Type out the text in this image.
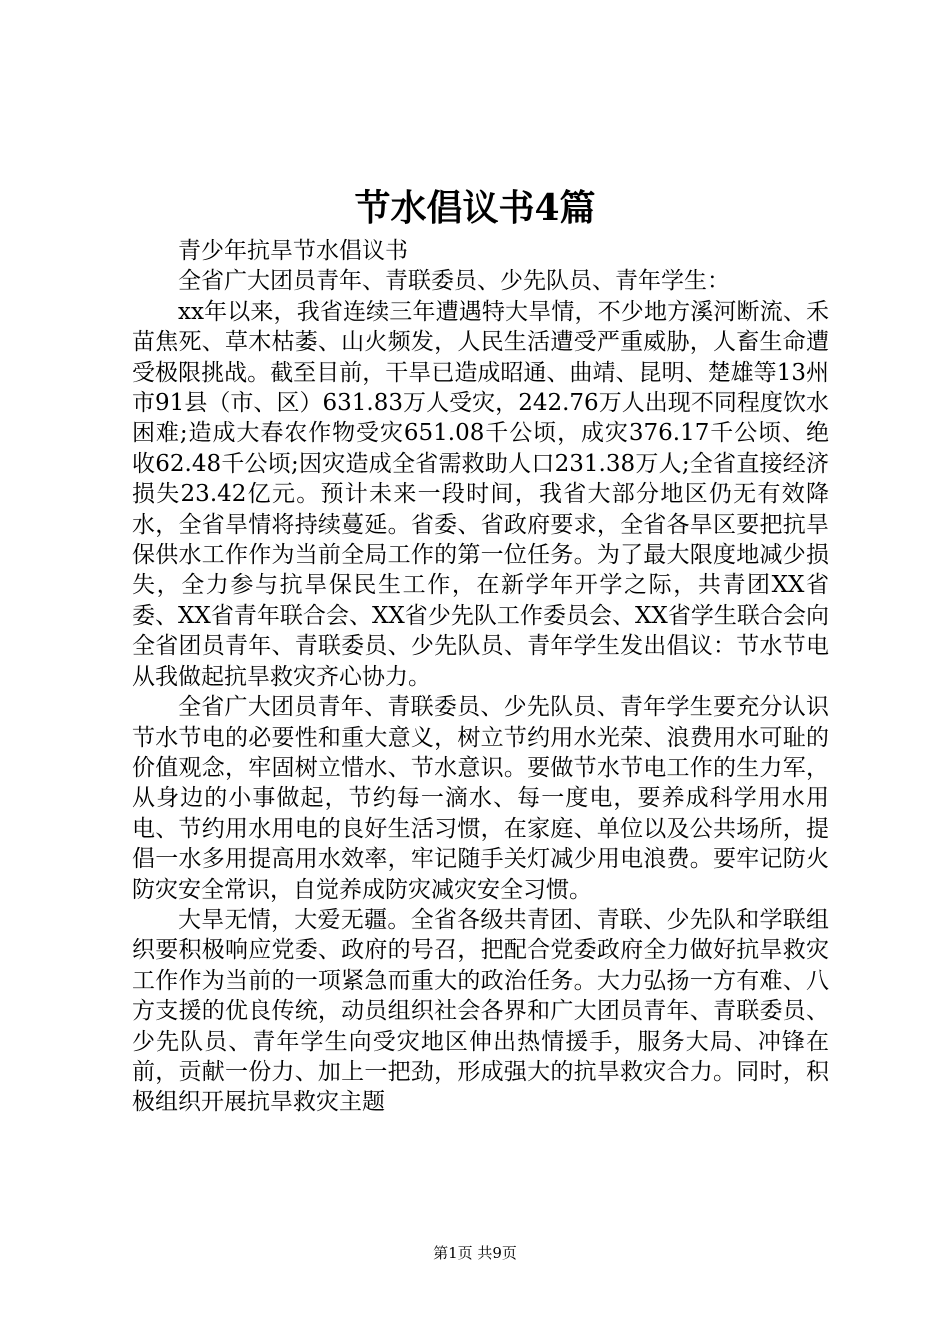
节水倡议书4篇

青少年抗旱节水倡议书

全省广大团员青年、青联委员、少先队员、青年学生：

xx年以来，我省连续三年遭遇特大旱情，不少地方溪河断流、禾苗焦死、草木枯萎、山火频发，人民生活遭受严重威胁，人畜生命遭受极限挑战。截至目前，干旱已造成昭通、曲靖、昆明、楚雄等13州市91县（市、区）631.83万人受灾，242.76万人出现不同程度饮水困难;造成大春农作物受灾651.08千公顷，成灾376.17千公顷、绝收62.48千公顷;因灾造成全省需救助人口231.38万人;全省直接经济损失23.42亿元。预计未来一段时间，我省大部分地区仍无有效降水，全省旱情将持续蔓延。省委、省政府要求，全省各旱区要把抗旱保供水工作作为当前全局工作的第一位任务。为了最大限度地减少损失，全力参与抗旱保民生工作，在新学年开学之际，共青团XX省委、XX省青年联合会、XX省少先队工作委员会、XX省学生联合会向全省团员青年、青联委员、少先队员、青年学生发出倡议：节水节电从我做起抗旱救灾齐心协力。

全省广大团员青年、青联委员、少先队员、青年学生要充分认识节水节电的必要性和重大意义，树立节约用水光荣、浪费用水可耻的价值观念，牢固树立惜水、节水意识。要做节水节电工作的生力军，从身边的小事做起，节约每一滴水、每一度电，要养成科学用水用电、节约用水用电的良好生活习惯，在家庭、单位以及公共场所，提倡一水多用提高用水效率，牢记随手关灯减少用电浪费。要牢记防火防灾安全常识，自觉养成防灾减灾安全习惯。

大旱无情，大爱无疆。全省各级共青团、青联、少先队和学联组织要积极响应党委、政府的号召，把配合党委政府全力做好抗旱救灾工作作为当前的一项紧急而重大的政治任务。大力弘扬一方有难、八方支援的优良传统，动员组织社会各界和广大团员青年、青联委员、少先队员、青年学生向受灾地区伸出热情援手，服务大局、冲锋在前，贡献一份力、加上一把劲，形成强大的抗旱救灾合力。同时，积极组织开展抗旱救灾主题

第1页 共9页
